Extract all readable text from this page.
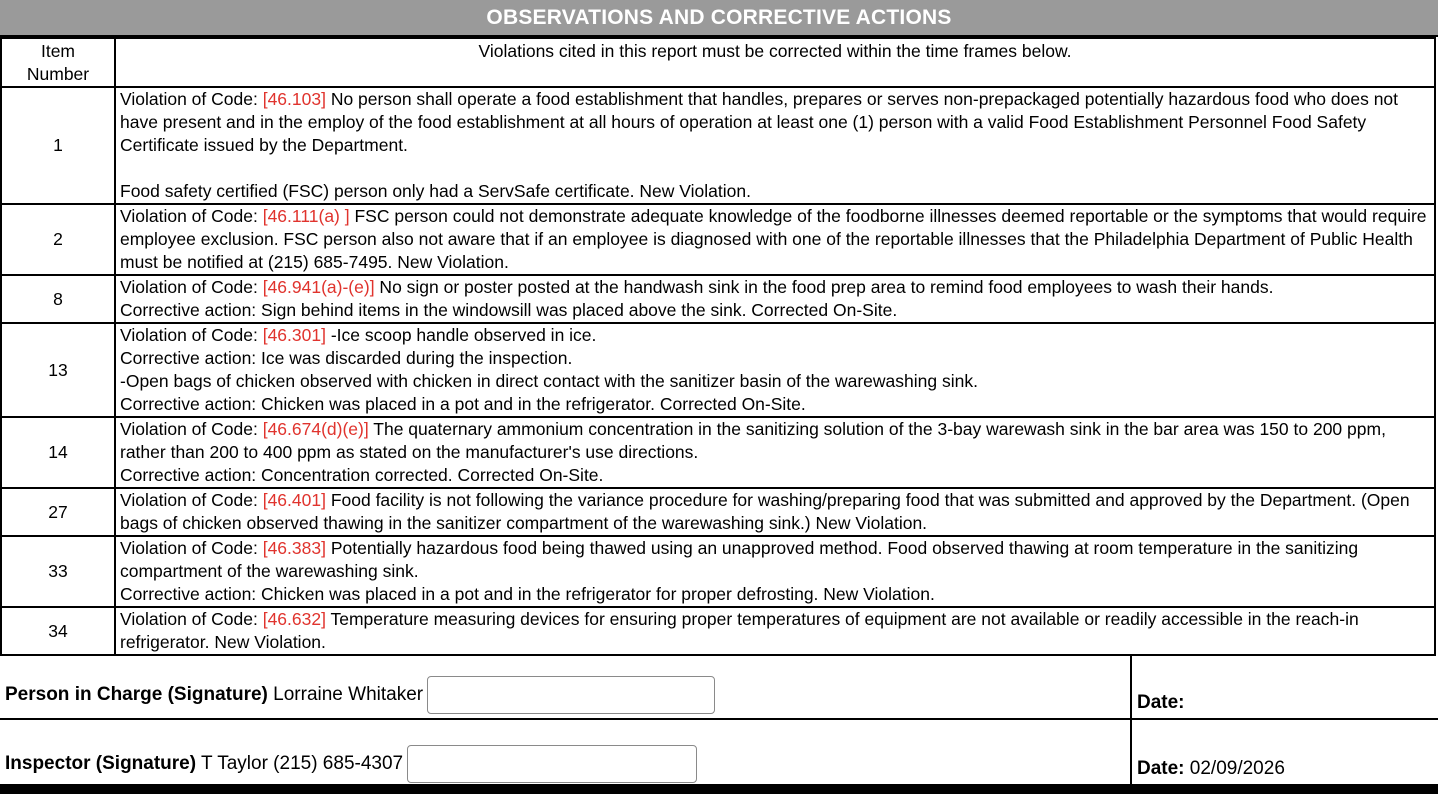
OBSERVATIONS AND CORRECTIVE ACTIONS
Item
Number	Violations cited in this report must be corrected within the time frames below.
1	Violation of Code: [46.103] No person shall operate a food establishment that handles, prepares or serves non-prepackaged potentially hazardous food who does not have present and in the employ of the food establishment at all hours of operation at least one (1) person with a valid Food Establishment Personnel Food Safety Certificate issued by the Department.
Food safety certified (FSC) person only had a ServSafe certificate. New Violation.

2	Violation of Code: [46.111(a) ] FSC person could not demonstrate adequate knowledge of the foodborne illnesses deemed reportable or the symptoms that would require employee exclusion. FSC person also not aware that if an employee is diagnosed with one of the reportable illnesses that the Philadelphia Department of Public Health must be notified at (215) 685-7495. New Violation.

8	Violation of Code: [46.941(a)-(e)] No sign or poster posted at the handwash sink in the food prep area to remind food employees to wash their hands.
Corrective action: Sign behind items in the windowsill was placed above the sink. Corrected On-Site.

13	Violation of Code: [46.301] -Ice scoop handle observed in ice.
Corrective action: Ice was discarded during the inspection.
-Open bags of chicken observed with chicken in direct contact with the sanitizer basin of the warewashing sink.
Corrective action: Chicken was placed in a pot and in the refrigerator. Corrected On-Site.

14	Violation of Code: [46.674(d)(e)] The quaternary ammonium concentration in the sanitizing solution of the 3-bay warewash sink in the bar area was 150 to 200 ppm, rather than 200 to 400 ppm as stated on the manufacturer's use directions.
Corrective action: Concentration corrected. Corrected On-Site.

27	Violation of Code: [46.401] Food facility is not following the variance procedure for washing/preparing food that was submitted and approved by the Department. (Open bags of chicken observed thawing in the sanitizer compartment of the warewashing sink.) New Violation.

33	Violation of Code: [46.383] Potentially hazardous food being thawed using an unapproved method. Food observed thawing at room temperature in the sanitizing compartment of the warewashing sink.
Corrective action: Chicken was placed in a pot and in the refrigerator for proper defrosting. New Violation.

34	Violation of Code: [46.632] Temperature measuring devices for ensuring proper temperatures of equipment are not available or readily accessible in the reach-in refrigerator. New Violation.
Person in Charge (Signature) Lorraine Whitaker	Date:

Inspector (Signature) T Taylor (215) 685-4307	Date: 02/09/2026
